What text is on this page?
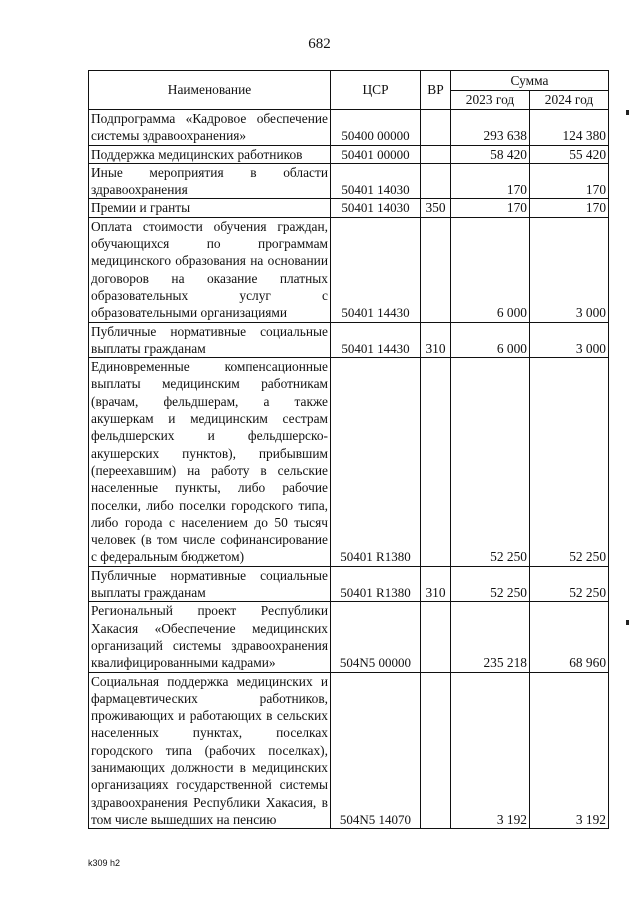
682
Наименование	ЦСР	ВР	Сумма	
			2023 год	2024 год
Подпрограмма «Кадровое обеспечение системы здравоохранения»	50400 00000		293 638	124 380
Поддержка медицинских работников	50401 00000		58 420	55 420
Иные мероприятия в области здравоохранения	50401 14030		170	170
Премии и гранты	50401 14030	350	170	170
Оплата стоимости обучения граждан, обучающихся по программам медицинского образования на основании договоров на оказание платных образовательных услуг с образовательными организациями	50401 14430		6 000	3 000
Публичные нормативные социальные выплаты гражданам	50401 14430	310	6 000	3 000
Единовременные компенсационные выплаты медицинским работникам (врачам, фельдшерам, а также акушеркам и медицинским сестрам фельдшерских и фельдшерско-акушерских пунктов), прибывшим (переехавшим) на работу в сельские населенные пункты, либо рабочие поселки, либо поселки городского типа, либо города с населением до 50 тысяч человек (в том числе софинансирование с федеральным бюджетом)	50401 R1380		52 250	52 250
Публичные нормативные социальные выплаты гражданам	50401 R1380	310	52 250	52 250
Региональный проект Республики Хакасия «Обеспечение медицинских организаций системы здравоохранения квалифицированными кадрами»	504N5 00000		235 218	68 960
Социальная поддержка медицинских и фармацевтических работников, проживающих и работающих в сельских населенных пунктах, поселках городского типа (рабочих поселках), занимающих должности в медицинских организациях государственной системы здравоохранения Республики Хакасия, в том числе вышедших на пенсию	504N5 14070		3 192	3 192
k309 h2
